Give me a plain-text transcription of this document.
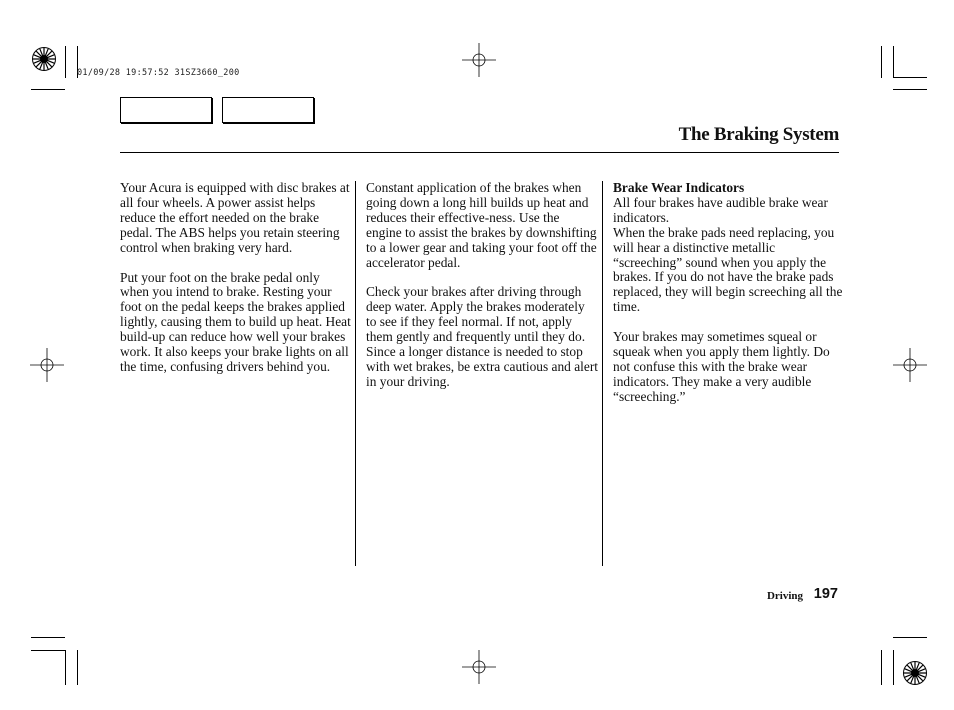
01/09/28 19:57:52 31SZ3660_200
The Braking System

Your Acura is equipped with disc brakes at all four wheels. A power assist helps reduce the effort needed on the brake pedal. The ABS helps you retain steering control when braking very hard.

Put your foot on the brake pedal only when you intend to brake. Resting your foot on the pedal keeps the brakes applied lightly, causing them to build up heat. Heat build-up can reduce how well your brakes work. It also keeps your brake lights on all the time, confusing drivers behind you.

Constant application of the brakes when going down a long hill builds up heat and reduces their effective-ness. Use the engine to assist the brakes by downshifting to a lower gear and taking your foot off the accelerator pedal.

Check your brakes after driving through deep water. Apply the brakes moderately to see if they feel normal. If not, apply them gently and frequently until they do. Since a longer distance is needed to stop with wet brakes, be extra cautious and alert in your driving.

Brake Wear Indicators
All four brakes have audible brake wear indicators.
When the brake pads need replacing, you will hear a distinctive metallic “screeching” sound when you apply the brakes. If you do not have the brake pads replaced, they will begin screeching all the time.

Your brakes may sometimes squeal or squeak when you apply them lightly. Do not confuse this with the brake wear indicators. They make a very audible “screeching.”

Driving 197
